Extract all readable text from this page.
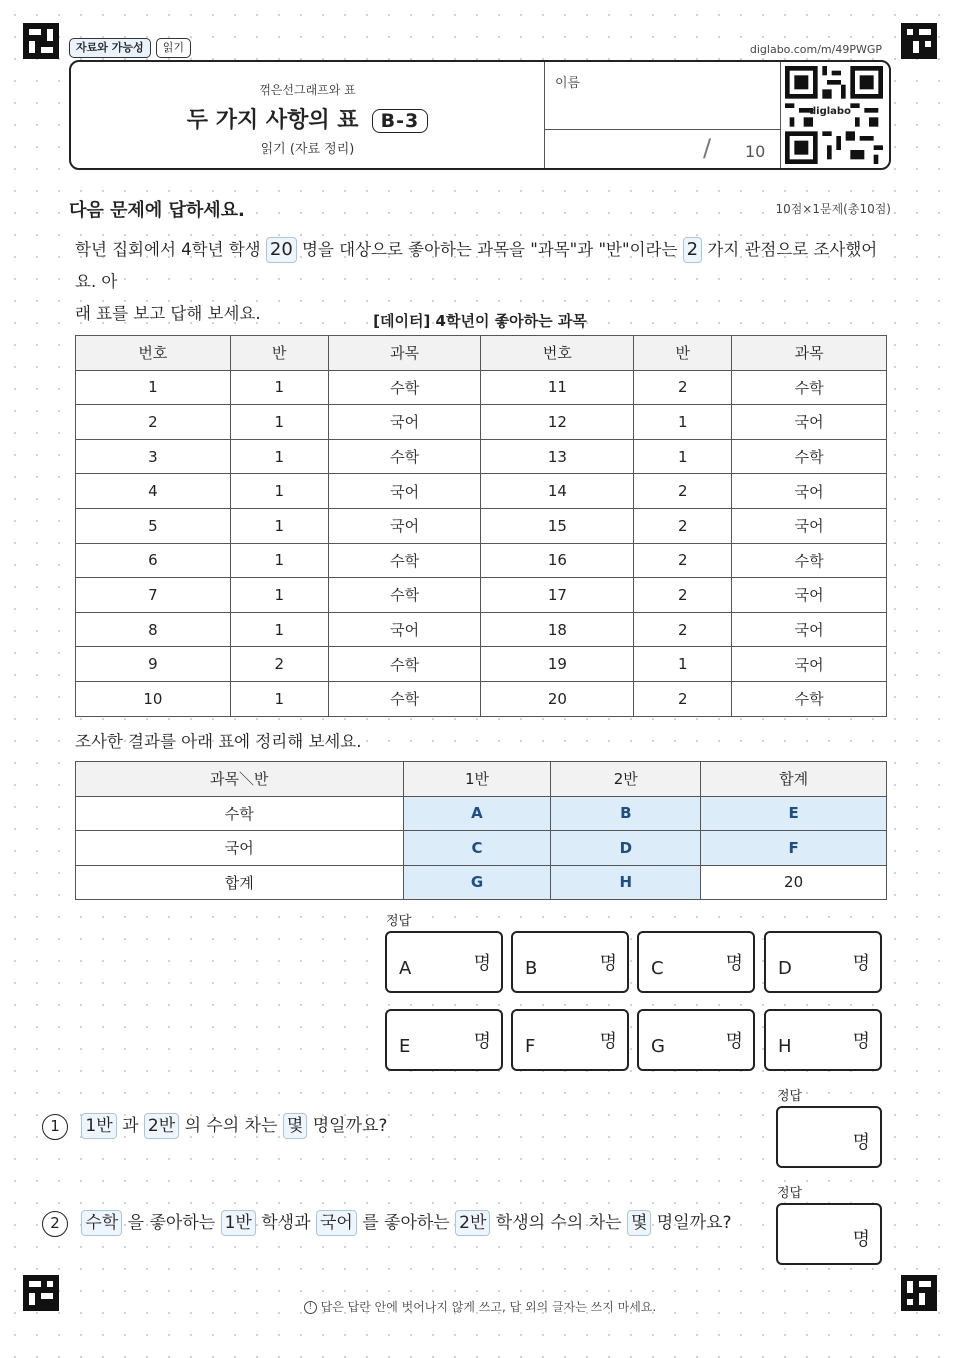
자료와 가능성 읽기	diglabo.com/m/49PWGP
꺾은선그래프와 표
두 가지 사항의 표 B-3
읽기 (자료 정리)
이름
/ 10
diglabo
다음 문제에 답하세요.	10점×1문제(총10점)
학년 집회에서 4학년 학생 20 명을 대상으로 좋아하는 과목을 "과목"과 "반"이라는 2 가지 관점으로 조사했어요. 아
래 표를 보고 답해 보세요.	[데이터] 4학년이 좋아하는 과목
번호	반	과목	번호	반	과목
1	1	수학	11	2	수학
2	1	국어	12	1	국어
3	1	수학	13	1	수학
4	1	국어	14	2	국어
5	1	국어	15	2	국어
6	1	수학	16	2	수학
7	1	수학	17	2	국어
8	1	국어	18	2	국어
9	2	수학	19	1	국어
10	1	수학	20	2	수학
조사한 결과를 아래 표에 정리해 보세요.
과목＼반	1반	2반	합계
수학	A	B	E
국어	C	D	F
합계	G	H	20
정답
A	명 B	명 C	명 D	명
E	명 F	명 G	명 H	명
1 1반 과 2반 의 수의 차는 몇 명일까요?
정답
명
2 수학 을 좋아하는 1반 학생과 국어 를 좋아하는 2반 학생의 수의 차는 몇 명일까요?
정답
명
! 답은 답란 안에 벗어나지 않게 쓰고, 답 외의 글자는 쓰지 마세요.
